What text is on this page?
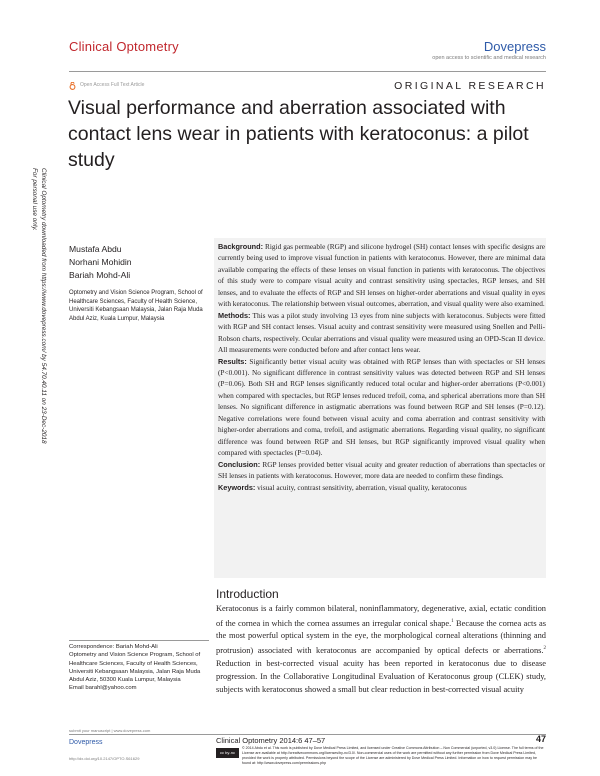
Clinical Optometry	Dovepress
open access to scientific and medical research
Open Access Full Text Article	ORIGINAL RESEARCH
Visual performance and aberration associated with contact lens wear in patients with keratoconus: a pilot study
Clinical Optometry downloaded from https://www.dovepress.com/ by 54.70.40.11 on 23-Dec-2018
For personal use only.
Mustafa Abdu
Norhani Mohidin
Bariah Mohd-Ali
Optometry and Vision Science Program, School of Healthcare Sciences, Faculty of Health Science, Universiti Kebangsaan Malaysia, Jalan Raja Muda Abdul Aziz, Kuala Lumpur, Malaysia
Background: Rigid gas permeable (RGP) and silicone hydrogel (SH) contact lenses with specific designs are currently being used to improve visual function in patients with keratoconus. However, there are minimal data available comparing the effects of these lenses on visual function in patients with keratoconus. The objectives of this study were to compare visual acuity and contrast sensitivity using spectacles, RGP lenses, and SH lenses, and to evaluate the effects of RGP and SH lenses on higher-order aberrations and visual quality in eyes with keratoconus. The relationship between visual outcomes, aberration, and visual quality were also examined.
Methods: This was a pilot study involving 13 eyes from nine subjects with keratoconus. Subjects were fitted with RGP and SH contact lenses. Visual acuity and contrast sensitivity were measured using Snellen and Pelli-Robson charts, respectively. Ocular aberrations and visual quality were measured using an OPD-Scan II device. All measurements were conducted before and after contact lens wear.
Results: Significantly better visual acuity was obtained with RGP lenses than with spectacles or SH lenses (P<0.001). No significant difference in contrast sensitivity values was detected between RGP and SH lenses (P=0.06). Both SH and RGP lenses significantly reduced total ocular and higher-order aberrations (P<0.001) when compared with spectacles, but RGP lenses reduced trefoil, coma, and spherical aberrations more than SH lenses. No significant difference in astigmatic aberrations was found between RGP and SH lenses (P=0.12). Negative correlations were found between visual acuity and coma aberration and contrast sensitivity with higher-order aberrations and coma, trefoil, and astigmatic aberrations. Regarding visual quality, no significant difference was found between RGP and SH lenses, but RGP significantly improved visual quality when compared with spectacles (P=0.04).
Conclusion: RGP lenses provided better visual acuity and greater reduction of aberrations than spectacles or SH lenses in patients with keratoconus. However, more data are needed to confirm these findings.
Keywords: visual acuity, contrast sensitivity, aberration, visual quality, keratoconus
Introduction
Keratoconus is a fairly common bilateral, noninflammatory, degenerative, axial, ectatic condition of the cornea in which the cornea assumes an irregular conical shape.$^1$ Because the cornea acts as the most powerful optical system in the eye, the morphological corneal alterations (thinning and protrusion) associated with keratoconus are accompanied by optical defects or aberrations.$^2$ Reduction in best-corrected visual acuity has been reported in keratoconus due to disease progression. In the Collaborative Longitudinal Evaluation of Keratoconus group (CLEK) study, subjects with keratoconus showed a small but clear reduction in best-corrected visual acuity
Correspondence: Bariah Mohd-Ali
Optometry and Vision Science Program, School of Healthcare Sciences, Faculty of Health Sciences, Universiti Kebangsaan Malaysia, Jalan Raja Muda Abdul Aziz, 50300 Kuala Lumpur, Malaysia
Email barahl@yahoo.com
submit your manuscript | www.dovepress.com
Dovepress
http://dx.doi.org/10.2147/OPTO.S61629
Clinical Optometry 2014:6 47–57	47
cc by-nc
© 2014 Abdu et al. This work is published by Dove Medical Press Limited, and licensed under Creative Commons Attribution – Non Commercial (unported, v3.0) License. The full terms of the License are available at http://creativecommons.org/licenses/by-nc/3.0/. Non-commercial uses of the work are permitted without any further permission from Dove Medical Press Limited, provided the work is properly attributed. Permissions beyond the scope of the License are administered by Dove Medical Press Limited. Information on how to request permission may be found at: http://www.dovepress.com/permissions.php
